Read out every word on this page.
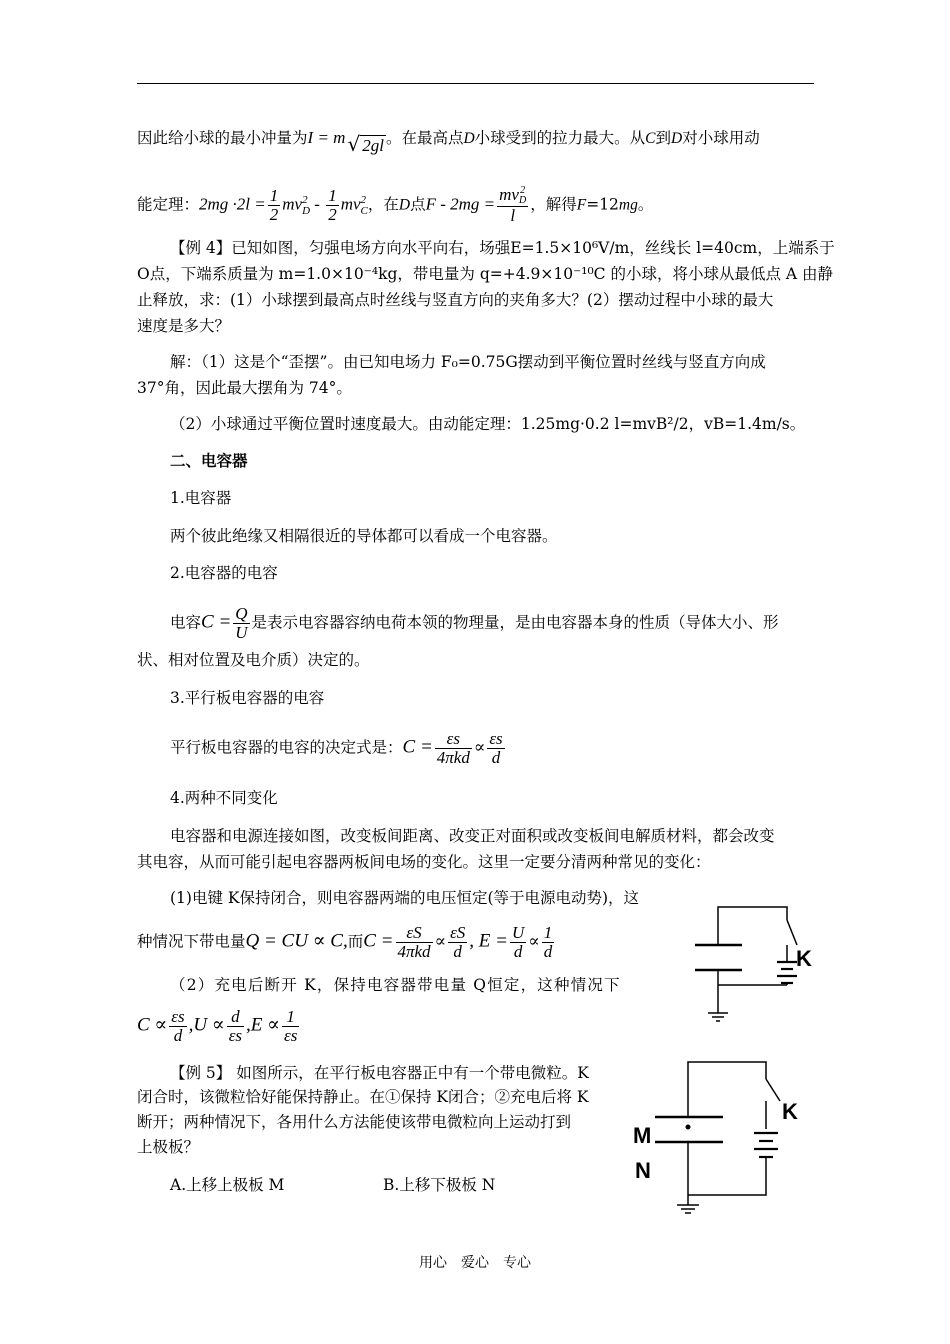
因此给小球的最小冲量为I = m √ 2gl 。在最高点D小球受到的拉力最大。从C到D对小球用动
能定理：$2mg \cdot 2l = \frac{1}{2}$ mv 2
D - $\frac{1}{2}$ mv 2
C ，在D点F - 2mg = mv 2
D
l ，解得F=12mg。
【例 4】已知如图，匀强电场方向水平向右，场强E=1.5×10⁶V/m，丝线长 l=40cm，上端系于
O点，下端系质量为 m=1.0×10⁻⁴kg，带电量为 q=+4.9×10⁻¹⁰C 的小球，将小球从最低点 A 由静
止释放，求：(1）小球摆到最高点时丝线与竖直方向的夹角多大？(2）摆动过程中小球的最大
速度是多大？
解：（1）这是个“歪摆”。由已知电场力 F₀=0.75G摆动到平衡位置时丝线与竖直方向成
37°角，因此最大摆角为 74°。
（2）小球通过平衡位置时速度最大。由动能定理：1.25mg·0.2 l=mvB²/2，vB=1.4m/s。
二、电容器
1.电容器
两个彼此绝缘又相隔很近的导体都可以看成一个电容器。
2.电容器的电容
电容$C = \frac{Q}{U}$ 是表示电容器容纳电荷本领的物理量，是由电容器本身的性质（导体大小、形
状、相对位置及电介质）决定的。
3.平行板电容器的电容
平行板电容器的电容的决定式是：$C = \frac{\varepsilon s}{\text{4πkd}} \propto \frac{\varepsilon s}{d}$
4.两种不同变化
电容器和电源连接如图，改变板间距离、改变正对面积或改变板间电解质材料，都会改变
其电容，从而可能引起电容器两板间电场的变化。这里一定要分清两种常见的变化：
(1)电键 K保持闭合，则电容器两端的电压恒定(等于电源电动势)，这
种情况下带电量Q = CU ∝ C,而$C = \frac{\varepsilon S}{\text{4πkd}} \propto \frac{\varepsilon S}{d}$ , $E = \frac{U}{d} \propto \frac{1}{d}$
（2）充电后断开 K，保持电容器带电量 Q恒定，这种情况下
$C \propto \frac{\varepsilon s}{d} ,U \propto \frac{d}{\varepsilon s} ,E \propto \frac{1}{\varepsilon s}$
【例 5】 如图所示，在平行板电容器正中有一个带电微粒。K
闭合时，该微粒恰好能保持静止。在①保持 K闭合；②充电后将 K
断开；两种情况下，各用什么方法能使该带电微粒向上运动打到
上极板？
A.上移上极板 M	B.上移下极板 N
K
K
M
N
用心　爱心　专心
